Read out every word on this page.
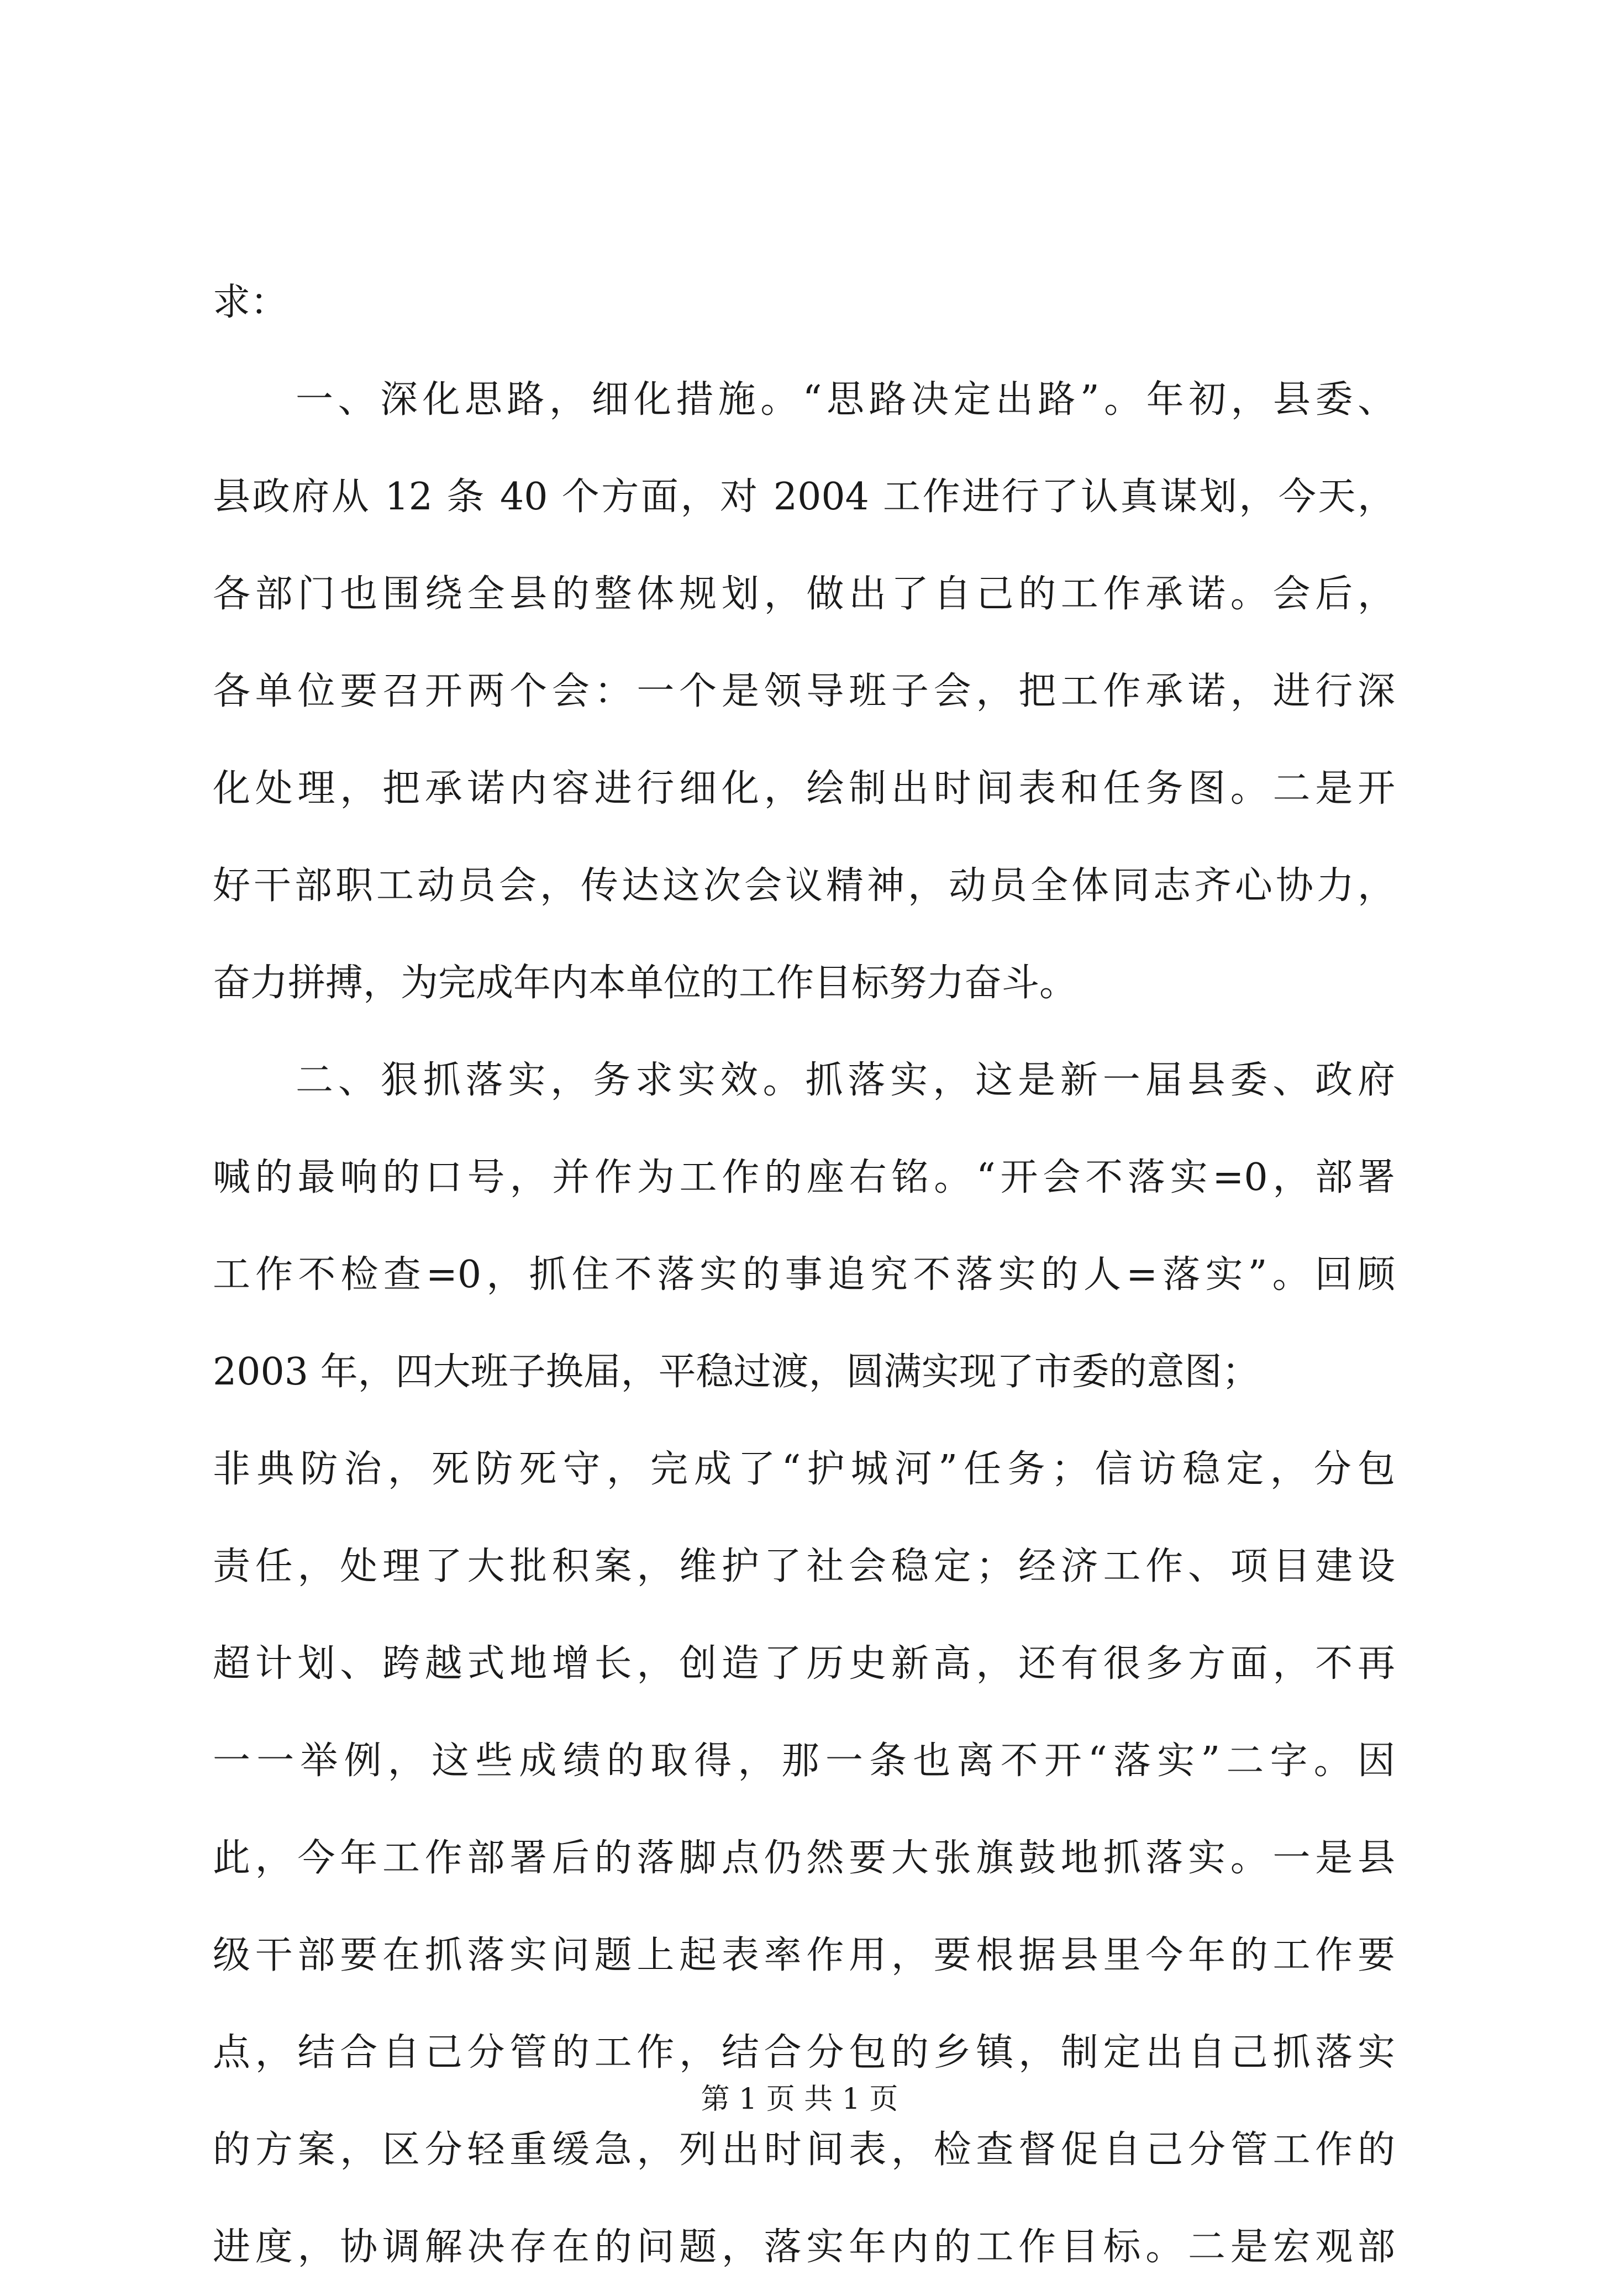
求：
一、深化思路，细化措施。“思路决定出路”。年初，县委、
县政府从 12 条 40 个方面，对 2004 工作进行了认真谋划，今天，
各部门也围绕全县的整体规划，做出了自己的工作承诺。会后，
各单位要召开两个会：一个是领导班子会，把工作承诺，进行深
化处理，把承诺内容进行细化，绘制出时间表和任务图。二是开
好干部职工动员会，传达这次会议精神，动员全体同志齐心协力，
奋力拼搏，为完成年内本单位的工作目标努力奋斗。
二、狠抓落实，务求实效。抓落实，这是新一届县委、政府
喊的最响的口号，并作为工作的座右铭。“开会不落实=0，部署
工作不检查=0，抓住不落实的事追究不落实的人=落实”。回顾
2003 年，四大班子换届，平稳过渡，圆满实现了市委的意图；
非典防治，死防死守，完成了“护城河”任务；信访稳定，分包
责任，处理了大批积案，维护了社会稳定；经济工作、项目建设
超计划、跨越式地增长，创造了历史新高，还有很多方面，不再
一一举例，这些成绩的取得，那一条也离不开“落实”二字。因
此，今年工作部署后的落脚点仍然要大张旗鼓地抓落实。一是县
级干部要在抓落实问题上起表率作用，要根据县里今年的工作要
点，结合自己分管的工作，结合分包的乡镇，制定出自己抓落实
的方案，区分轻重缓急，列出时间表，检查督促自己分管工作的
进度，协调解决存在的问题，落实年内的工作目标。二是宏观部
第 1 页 共 1 页
